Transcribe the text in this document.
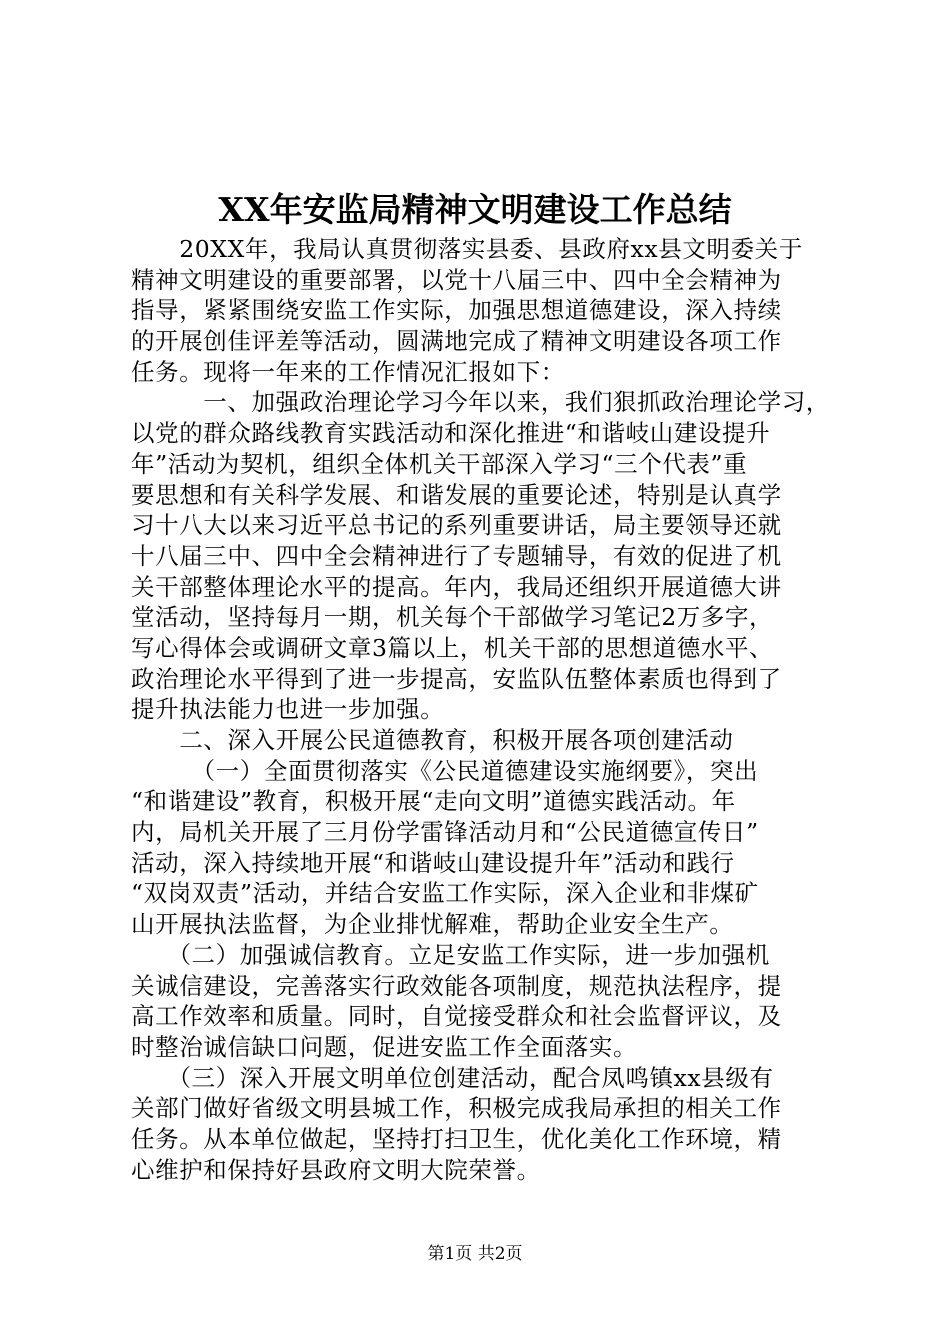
XX年安监局精神文明建设工作总结
　　20XX年，我局认真贯彻落实县委、县政府xx县文明委关于
精神文明建设的重要部署，以党十八届三中、四中全会精神为
指导，紧紧围绕安监工作实际，加强思想道德建设，深入持续
的开展创佳评差等活动，圆满地完成了精神文明建设各项工作
任务。现将一年来的工作情况汇报如下：
　　　一、加强政治理论学习今年以来，我们狠抓政治理论学习，
以党的群众路线教育实践活动和深化推进“和谐岐山建设提升
年”活动为契机，组织全体机关干部深入学习“三个代表”重
要思想和有关科学发展、和谐发展的重要论述，特别是认真学
习十八大以来习近平总书记的系列重要讲话，局主要领导还就
十八届三中、四中全会精神进行了专题辅导，有效的促进了机
关干部整体理论水平的提高。年内，我局还组织开展道德大讲
堂活动，坚持每月一期，机关每个干部做学习笔记2万多字，
写心得体会或调研文章3篇以上，机关干部的思想道德水平、
政治理论水平得到了进一步提高，安监队伍整体素质也得到了
提升执法能力也进一步加强。
　　二、深入开展公民道德教育，积极开展各项创建活动
　　　（一）全面贯彻落实《公民道德建设实施纲要》，突出
“和谐建设”教育，积极开展“走向文明”道德实践活动。年
内，局机关开展了三月份学雷锋活动月和“公民道德宣传日”
活动，深入持续地开展“和谐岐山建设提升年”活动和践行
“双岗双责”活动，并结合安监工作实际，深入企业和非煤矿
山开展执法监督，为企业排忧解难，帮助企业安全生产。
　　（二）加强诚信教育。立足安监工作实际，进一步加强机
关诚信建设，完善落实行政效能各项制度，规范执法程序，提
高工作效率和质量。同时，自觉接受群众和社会监督评议，及
时整治诚信缺口问题，促进安监工作全面落实。
　　（三）深入开展文明单位创建活动，配合凤鸣镇xx县级有
关部门做好省级文明县城工作，积极完成我局承担的相关工作
任务。从本单位做起，坚持打扫卫生，优化美化工作环境，精
心维护和保持好县政府文明大院荣誉。
第1页 共2页
